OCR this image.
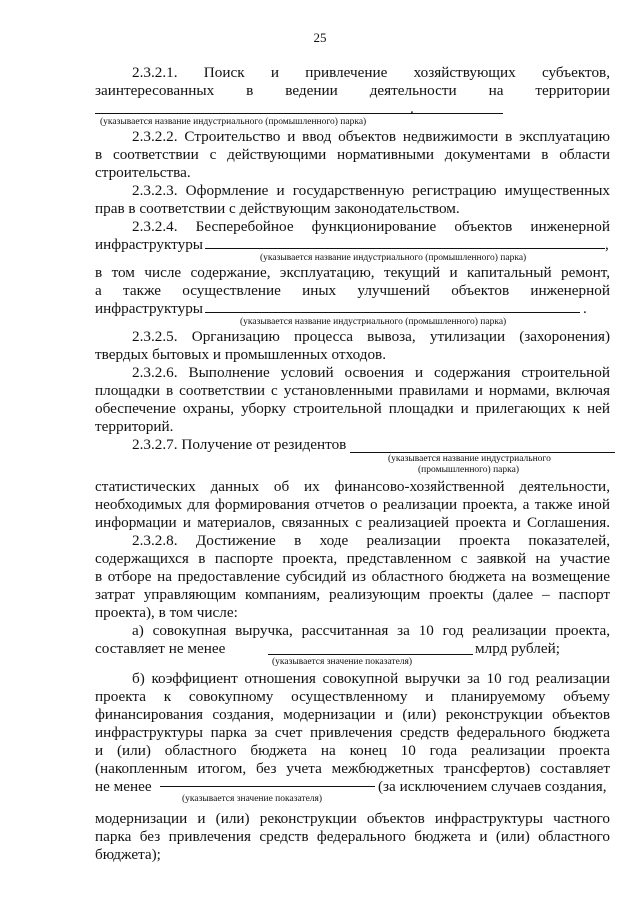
25
2.3.2.1. Поиск и привлечение хозяйствующих субъектов,
заинтересованных в ведении деятельности на территории
.
(указывается название индустриального (промышленного) парка)
2.3.2.2. Строительство и ввод объектов недвижимости в эксплуатацию
в соответствии с действующими нормативными документами в области
строительства.
2.3.2.3. Оформление и государственную регистрацию имущественных
прав в соответствии с действующим законодательством.
2.3.2.4. Бесперебойное функционирование объектов инженерной
инфраструктуры	,
(указывается название индустриального (промышленного) парка)
в том числе содержание, эксплуатацию, текущий и капитальный ремонт,
а также осуществление иных улучшений объектов инженерной
инфраструктуры	.
(указывается название индустриального (промышленного) парка)
2.3.2.5. Организацию процесса вывоза, утилизации (захоронения)
твердых бытовых и промышленных отходов.
2.3.2.6. Выполнение условий освоения и содержания строительной
площадки в соответствии с установленными правилами и нормами, включая
обеспечение охраны, уборку строительной площадки и прилегающих к ней
территорий.
2.3.2.7. Получение от резидентов
(указывается название индустриального
(промышленного) парка)
статистических данных об их финансово-хозяйственной деятельности,
необходимых для формирования отчетов о реализации проекта, а также иной
информации и материалов, связанных с реализацией проекта и Соглашения.
2.3.2.8. Достижение в ходе реализации проекта показателей,
содержащихся в паспорте проекта, представленном с заявкой на участие
в отборе на предоставление субсидий из областного бюджета на возмещение
затрат управляющим компаниям, реализующим проекты (далее – паспорт
проекта), в том числе:
а) совокупная выручка, рассчитанная за 10 год реализации проекта,
составляет не менее	млрд рублей;
(указывается значение показателя)
б) коэффициент отношения совокупной выручки за 10 год реализации
проекта к совокупному осуществленному и планируемому объему
финансирования создания, модернизации и (или) реконструкции объектов
инфраструктуры парка за счет привлечения средств федерального бюджета
и (или) областного бюджета на конец 10 года реализации проекта
(накопленным итогом, без учета межбюджетных трансфертов) составляет
не менее	(за исключением случаев создания,
(указывается значение показателя)
модернизации и (или) реконструкции объектов инфраструктуры частного
парка без привлечения средств федерального бюджета и (или) областного
бюджета);
